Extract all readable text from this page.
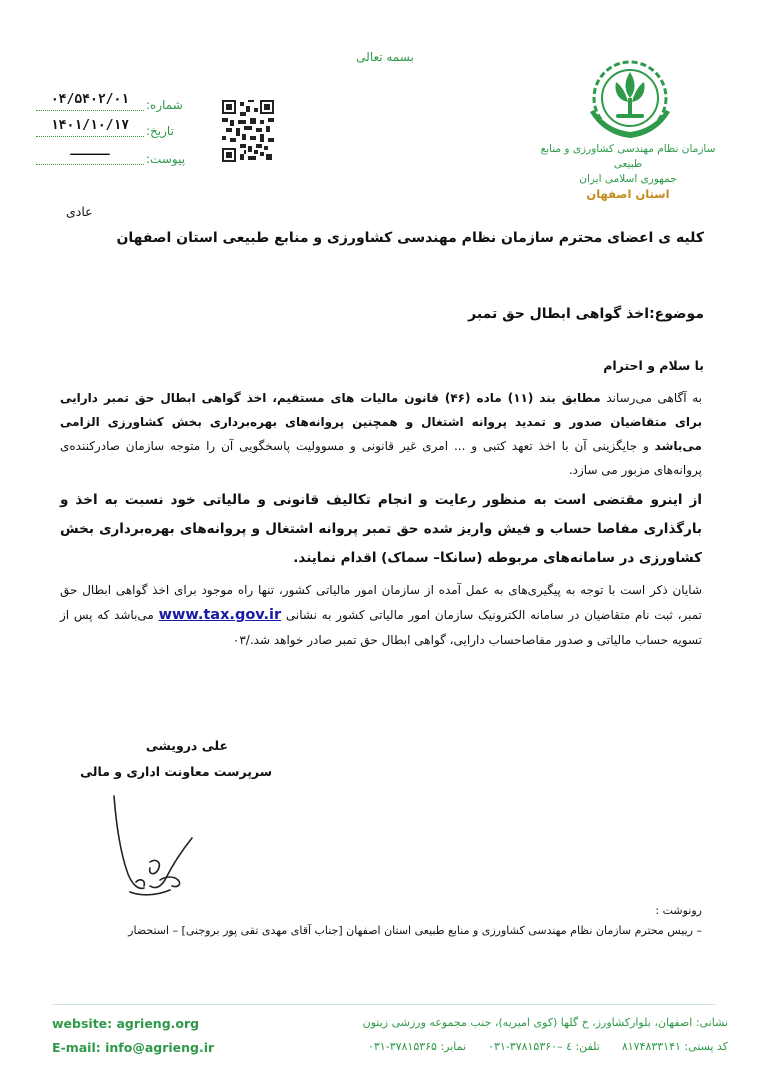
بسمه تعالی
سازمان نظام مهندسی کشاورزی و منابع طبیعی
جمهوری اسلامی ایران
استان اصفهان
شماره:
۰۴/۵۴۰۲/۰۱
تاریخ:
۱۴۰۱/۱۰/۱۷
پیوست:
ـــــ
عادی
کلیه ی اعضای محترم سازمان نظام مهندسی کشاورزی و منابع طبیعی استان اصفهان
موضوع:اخذ گواهی ابطال حق تمبر
با سلام و احترام
به آگاهی می‌رساند مطابق بند (۱۱) ماده (۴۶) قانون مالیات های مستقیم، اخذ گواهی ابطال حق تمبر دارایی برای متقاضیان صدور و تمدید پروانه اشتغال و همچنین پروانه‌های بهره‌برداری بخش کشاورزی الزامی می‌باشد و جایگزینی آن با اخذ تعهد کتبی و ... امری غیر قانونی و مسوولیت پاسخگویی آن را متوجه سازمان صادرکننده‌ی پروانه‌های مزبور می سازد.
از اینرو مقتضی است به منظور رعایت و انجام تکالیف قانونی و مالیاتی خود نسبت به اخذ و بارگذاری مفاصا حساب و فیش واریز شده حق تمبر پروانه اشتغال و پروانه‌های بهره‌برداری بخش کشاورزی در سامانه‌های مربوطه (سانکا– سماک) اقدام نمایند.
شایان ذکر است با توجه به پیگیری‌های به عمل آمده از سازمان امور مالیاتی کشور، تنها راه موجود برای اخذ گواهی ابطال حق تمبر، ثبت نام متقاضیان در سامانه الکترونیک سازمان امور مالیاتی کشور به نشانی www.tax.gov.ir می‌باشد که پس از تسویه حساب مالیاتی و صدور مفاصاحساب دارایی، گواهی ابطال حق تمبر صادر خواهد شد./۰۳
علی درویشی
سرپرست معاونت اداری و مالی
رونوشت :
– رییس محترم سازمان نظام مهندسی کشاورزی و منابع طبیعی استان اصفهان [جناب آقای مهدی تقی پور بروجنی] – استحضار
website: agrieng.org
E-mail: info@agrieng.ir
نشانی: اصفهان، بلوارکشاورز، خ گلها (کوی امیریه)، جنب مجموعه ورزشی زیتون
کد پستی: ۸۱۷۴۸۳۳۱۴۱تلفن: ٤ –۳۷۸۱۵۳۶۰-۰۳۱نمابر: ۳۷۸۱۵۳۶۵-۰۳۱
